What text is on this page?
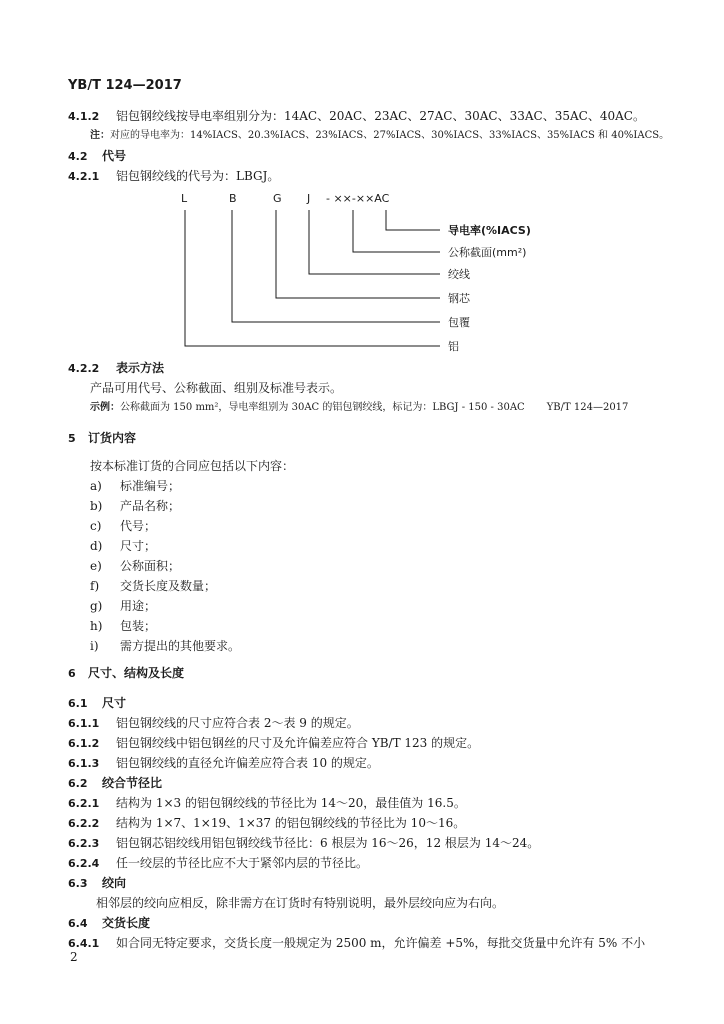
YB/T 124—2017
4.1.2 铝包钢绞线按导电率组别分为：14AC、20AC、23AC、27AC、30AC、33AC、35AC、40AC。
注：对应的导电率为：14%IACS、20.3%IACS、23%IACS、27%IACS、30%IACS、33%IACS、35%IACS 和 40%IACS。
4.2 代号
4.2.1 铝包钢绞线的代号为：LBGJ。
L	B	G J - ××-××AC
导电率(%IACS)
公称截面(mm²)
绞线
钢芯
包覆
铝
4.2.2 表示方法
产品可用代号、公称截面、组别及标准号表示。
示例：公称截面为 150 mm²，导电率组别为 30AC 的铝包钢绞线，标记为：LBGJ - 150 - 30AC YB/T 124—2017
5 订货内容
按本标准订货的合同应包括以下内容：
a) 标准编号；
b) 产品名称；
c) 代号；
d) 尺寸；
e) 公称面积；
f) 交货长度及数量；
g) 用途；
h) 包装；
i) 需方提出的其他要求。
6 尺寸、结构及长度
6.1 尺寸
6.1.1 铝包钢绞线的尺寸应符合表 2～表 9 的规定。
6.1.2 铝包钢绞线中铝包钢丝的尺寸及允许偏差应符合 YB/T 123 的规定。
6.1.3 铝包钢绞线的直径允许偏差应符合表 10 的规定。
6.2 绞合节径比
6.2.1 结构为 1×3 的铝包钢绞线的节径比为 14～20，最佳值为 16.5。
6.2.2 结构为 1×7、1×19、1×37 的铝包钢绞线的节径比为 10～16。
6.2.3 铝包钢芯铝绞线用铝包钢绞线节径比：6 根层为 16～26，12 根层为 14～24。
6.2.4 任一绞层的节径比应不大于紧邻内层的节径比。
6.3 绞向
相邻层的绞向应相反，除非需方在订货时有特别说明，最外层绞向应为右向。
6.4 交货长度
6.4.1 如合同无特定要求，交货长度一般规定为 2500 m，允许偏差 +5%，每批交货量中允许有 5% 不小
2
